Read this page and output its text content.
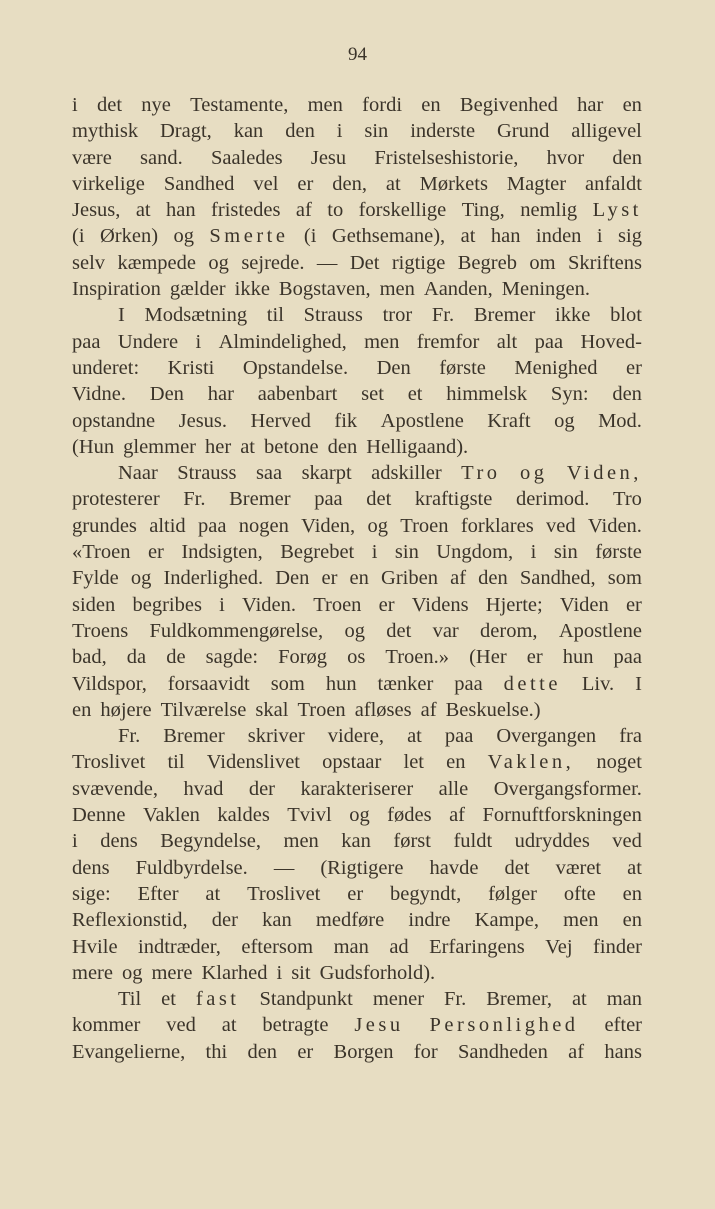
94
i det nye Testamente, men fordi en Begivenhed har en
mythisk Dragt, kan den i sin inderste Grund alligevel
være sand. Saaledes Jesu Fristelseshistorie, hvor den
virkelige Sandhed vel er den, at Mørkets Magter anfaldt
Jesus, at han fristedes af to forskellige Ting, nemlig Lyst
(i Ørken) og Smerte (i Gethsemane), at han inden i sig
selv kæmpede og sejrede. — Det rigtige Begreb om Skriftens
Inspiration gælder ikke Bogstaven, men Aanden, Meningen.
I Modsætning til Strauss tror Fr. Bremer ikke blot
paa Undere i Almindelighed, men fremfor alt paa Hoved-
underet: Kristi Opstandelse. Den første Menighed er
Vidne. Den har aabenbart set et himmelsk Syn: den
opstandne Jesus. Herved fik Apostlene Kraft og Mod.
(Hun glemmer her at betone den Helligaand).
Naar Strauss saa skarpt adskiller Tro og Viden,
protesterer Fr. Bremer paa det kraftigste derimod. Tro
grundes altid paa nogen Viden, og Troen forklares ved Viden.
«Troen er Indsigten, Begrebet i sin Ungdom, i sin første
Fylde og Inderlighed. Den er en Griben af den Sandhed, som
siden begribes i Viden. Troen er Videns Hjerte; Viden er
Troens Fuldkommengørelse, og det var derom, Apostlene
bad, da de sagde: Forøg os Troen.» (Her er hun paa
Vildspor, forsaavidt som hun tænker paa dette Liv. I
en højere Tilværelse skal Troen afløses af Beskuelse.)
Fr. Bremer skriver videre, at paa Overgangen fra
Troslivet til Videnslivet opstaar let en Vaklen, noget
svævende, hvad der karakteriserer alle Overgangsformer.
Denne Vaklen kaldes Tvivl og fødes af Fornuftforskningen
i dens Begyndelse, men kan først fuldt udryddes ved
dens Fuldbyrdelse. — (Rigtigere havde det været at
sige: Efter at Troslivet er begyndt, følger ofte en
Reflexionstid, der kan medføre indre Kampe, men en
Hvile indtræder, eftersom man ad Erfaringens Vej finder
mere og mere Klarhed i sit Gudsforhold).
Til et fast Standpunkt mener Fr. Bremer, at man
kommer ved at betragte Jesu Personlighed efter
Evangelierne, thi den er Borgen for Sandheden af hans
